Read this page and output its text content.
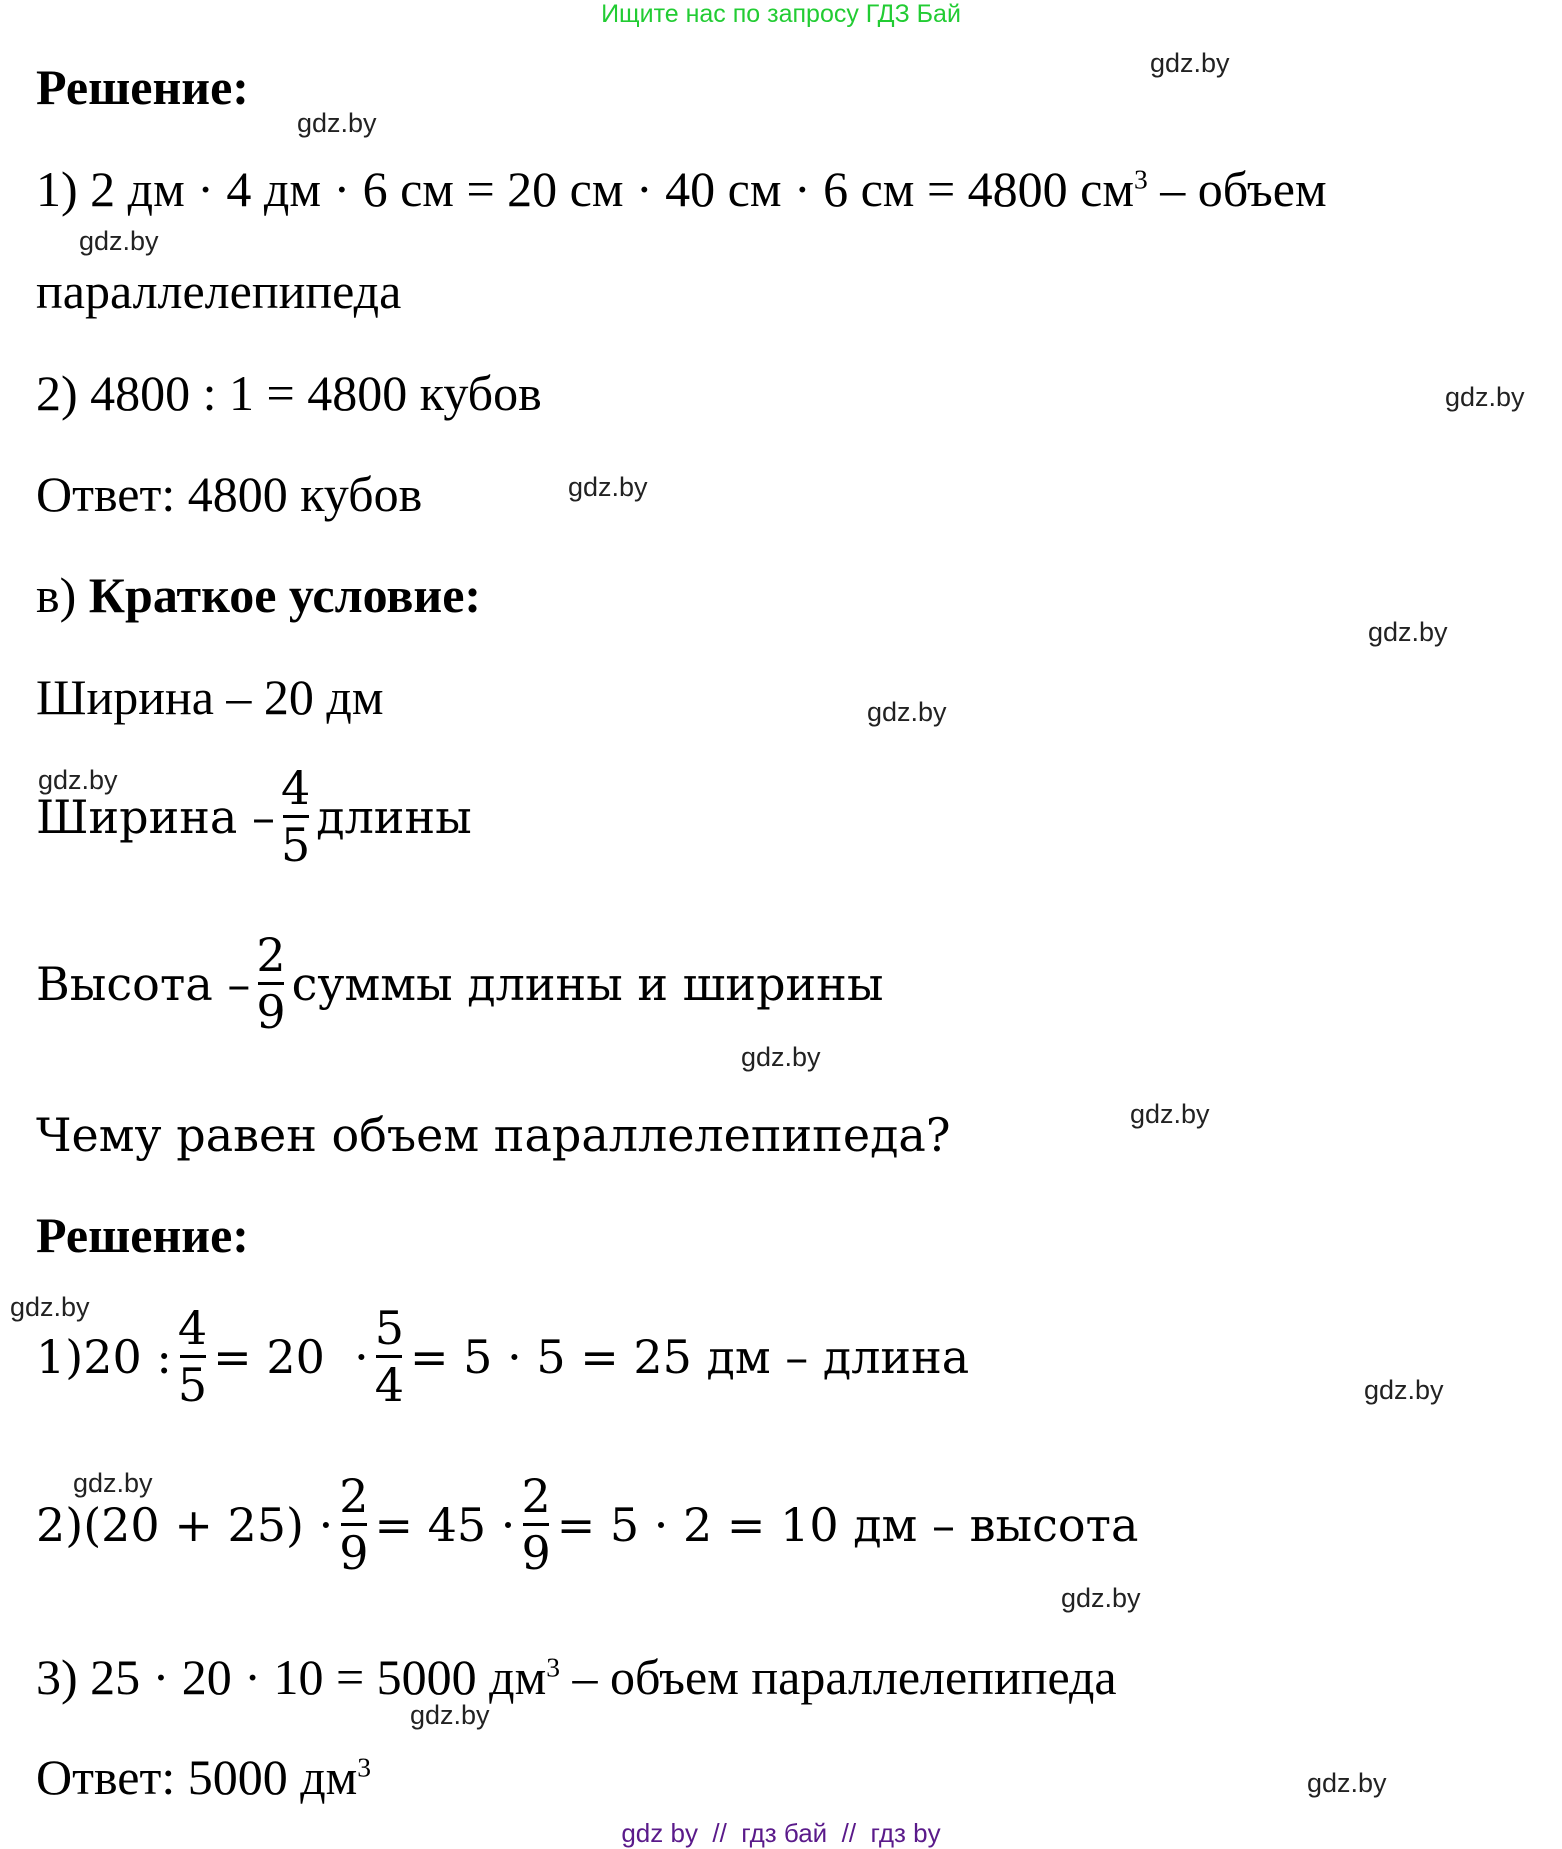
Ищите нас по запросу ГДЗ Бай
gdz.by
gdz.by
gdz.by
gdz.by
gdz.by
gdz.by
gdz.by
gdz.by
gdz.by
gdz.by
gdz.by
gdz.by
gdz.by
gdz.by
gdz.by
gdz.by
Решение:
1) 2 дм · 4 дм · 6 см = 20 см · 40 см · 6 см = 4800 $см^3$ – объем
параллелепипеда
2) 4800 : 1 = 4800 кубов
Ответ: 4800 кубов
в) Краткое условие:
Ширина – 20 дм
Ширина – $\frac{4}{5}$ длины
Высота – $\frac{2}{9}$ суммы длины и ширины
Чему равен объем параллелепипеда?
Решение:
1)20 : $\frac{4}{5} = 20 \cdot \frac{5}{4} = 5 \cdot 5 = 25$ дм – длина
$2)(20 + 25) \cdot \frac{2}{9} = 45 \cdot \frac{2}{9} = 5 \cdot 2 = 10$ дм – высота
3) 25 · 20 · 10 = 5000 $дм^3$ – объем параллелепипеда
Ответ: 5000 $дм^3$
gdz by  //  гдз бай  //  гдз by
